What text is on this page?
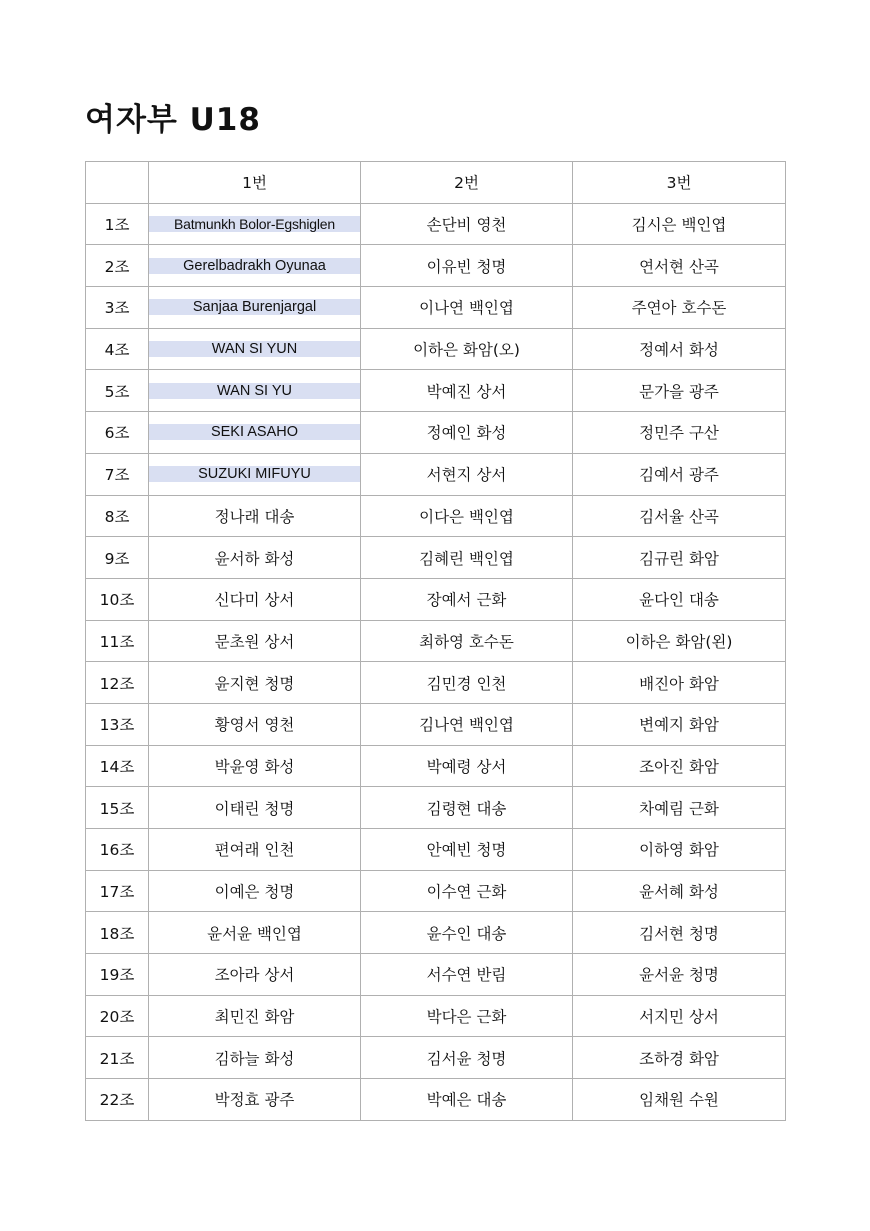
여자부 U18
	1번	2번	3번
1조	Batmunkh Bolor-Egshiglen	손단비 영천	김시은 백인엽
2조	Gerelbadrakh Oyunaa	이유빈 청명	연서현 산곡
3조	Sanjaa Burenjargal	이나연 백인엽	주연아 호수돈
4조	WAN SI YUN	이하은 화암(오)	정예서 화성
5조	WAN SI YU	박예진 상서	문가을 광주
6조	SEKI ASAHO	정예인 화성	정민주 구산
7조	SUZUKI MIFUYU	서현지 상서	김예서 광주
8조	정나래 대송	이다은 백인엽	김서율 산곡
9조	윤서하 화성	김혜린 백인엽	김규린 화암
10조	신다미 상서	장예서 근화	윤다인 대송
11조	문초원 상서	최하영 호수돈	이하은 화암(왼)
12조	윤지현 청명	김민경 인천	배진아 화암
13조	황영서 영천	김나연 백인엽	변예지 화암
14조	박윤영 화성	박예령 상서	조아진 화암
15조	이태린 청명	김령현 대송	차예림 근화
16조	편여래 인천	안예빈 청명	이하영 화암
17조	이예은 청명	이수연 근화	윤서혜 화성
18조	윤서윤 백인엽	윤수인 대송	김서현 청명
19조	조아라 상서	서수연 반림	윤서윤 청명
20조	최민진 화암	박다은 근화	서지민 상서
21조	김하늘 화성	김서윤 청명	조하경 화암
22조	박정효 광주	박예은 대송	임채원 수원
